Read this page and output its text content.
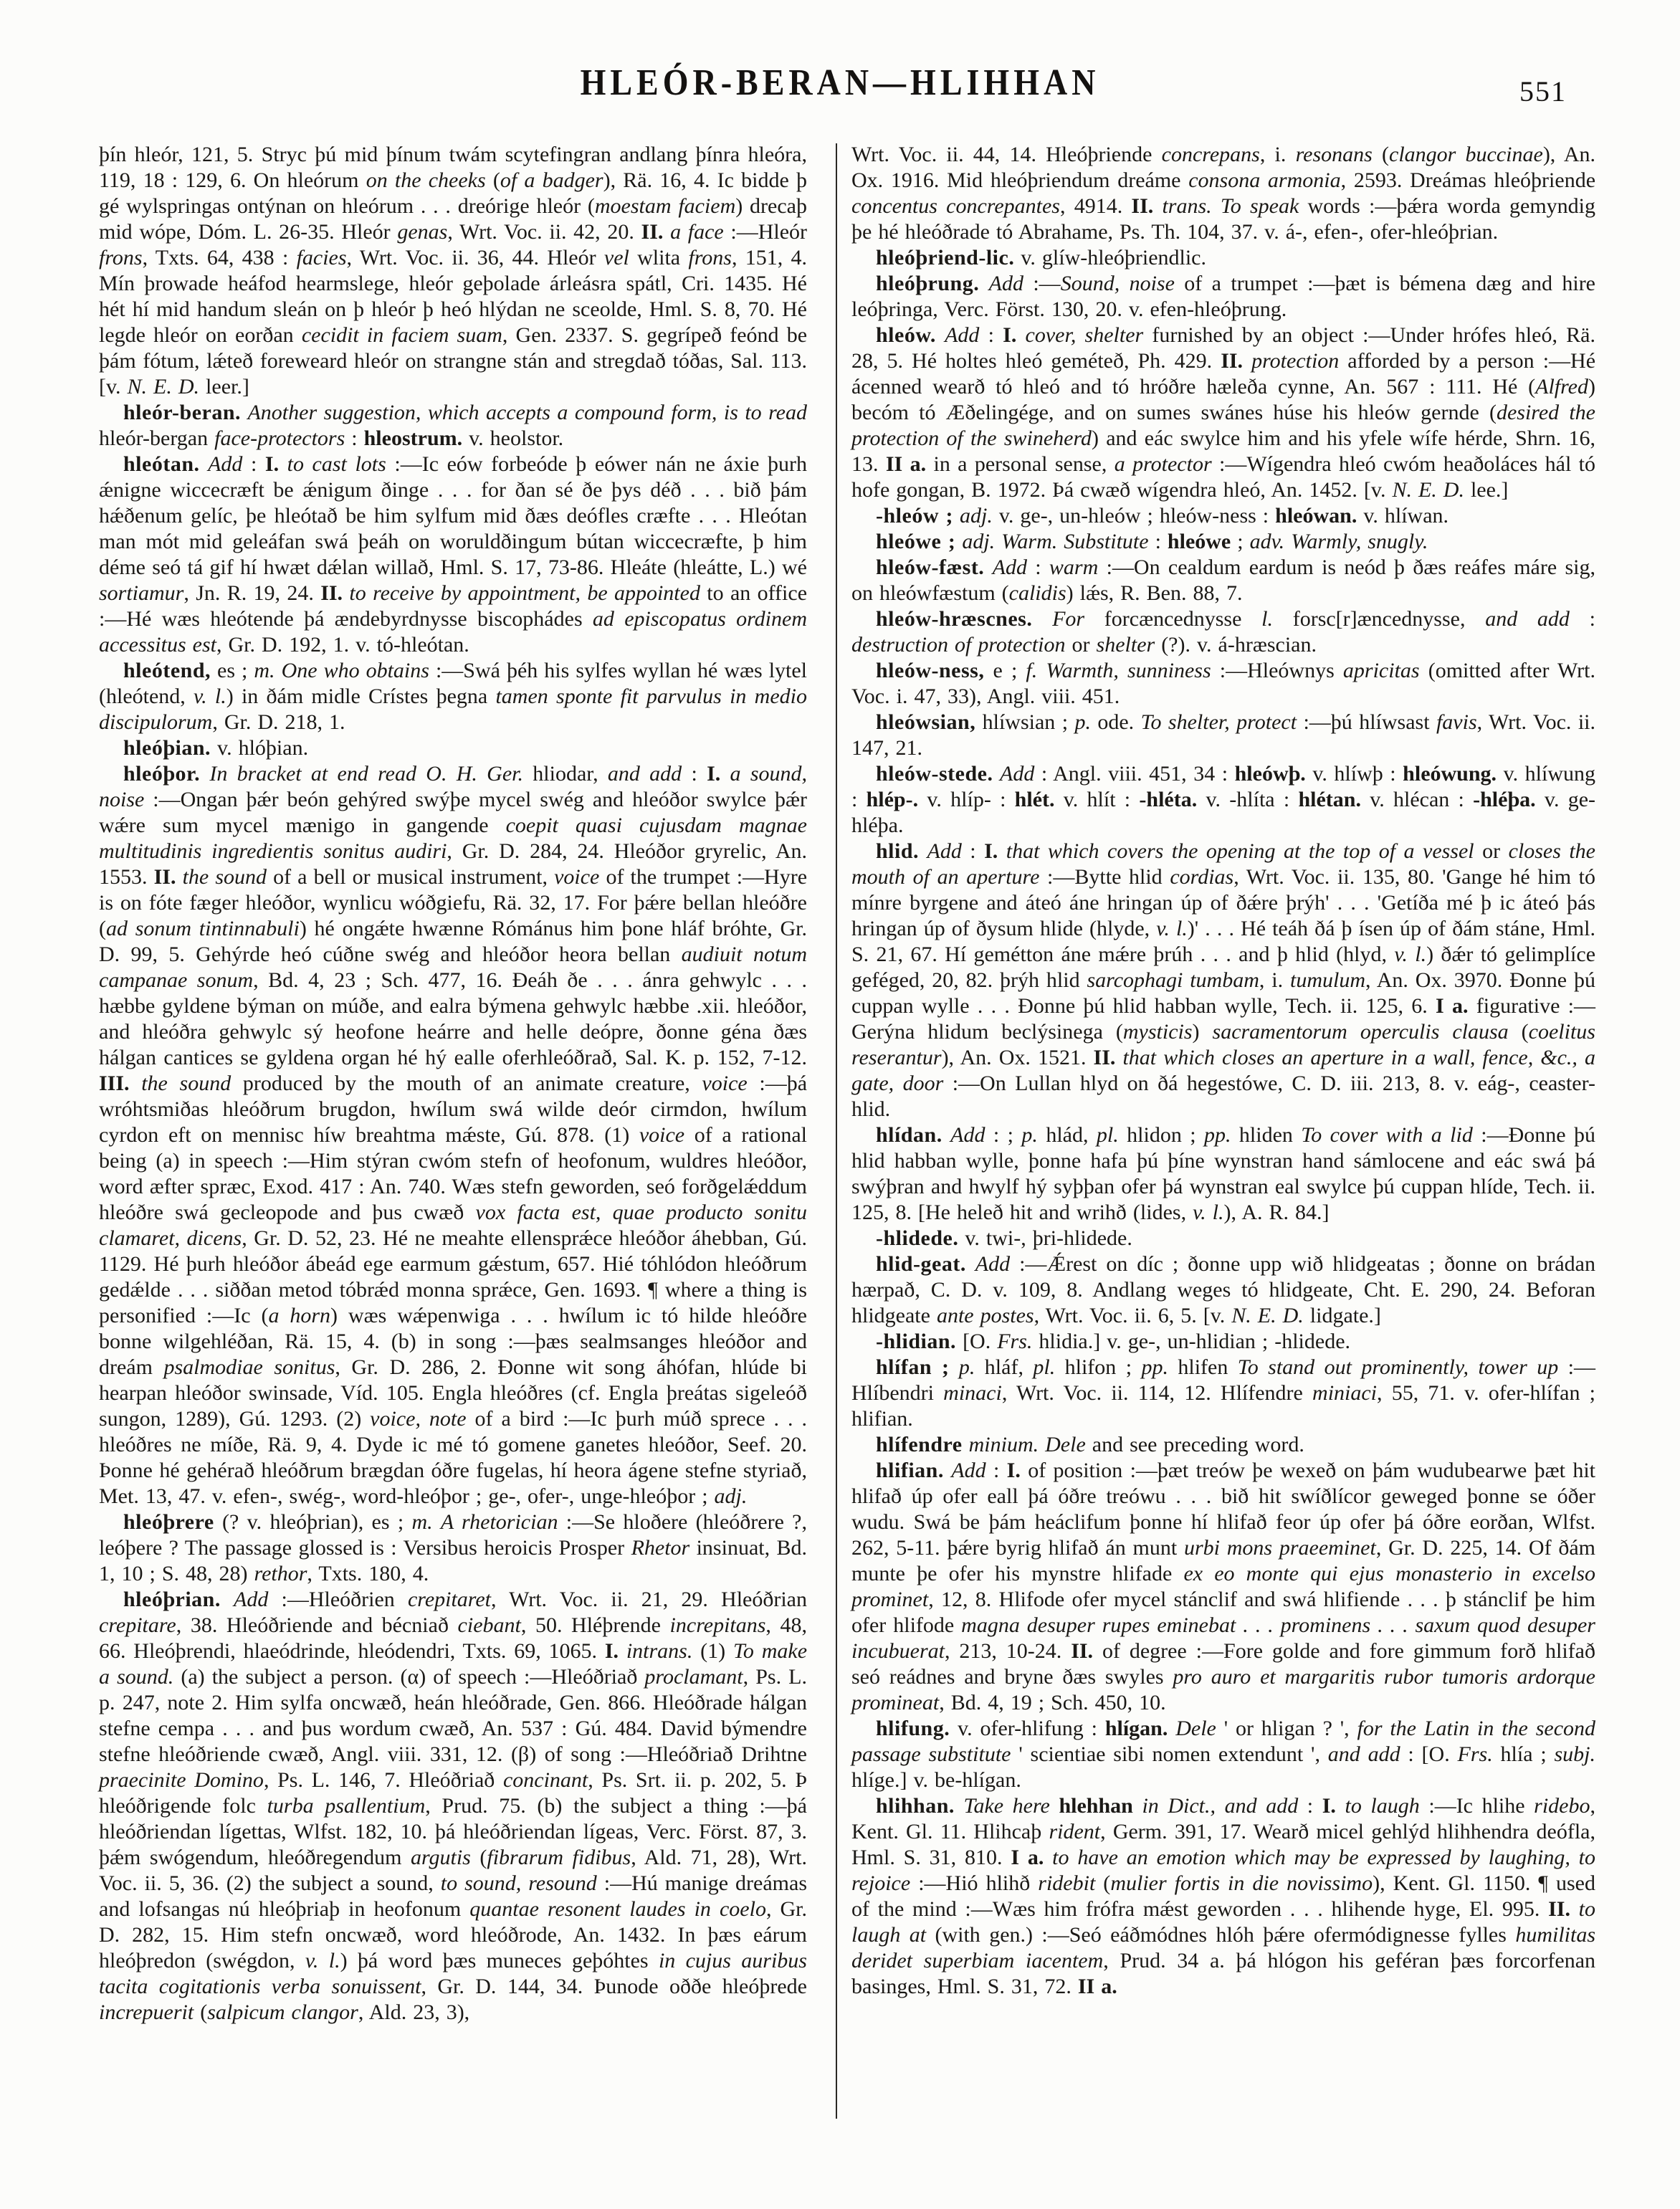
HLEÓR-BERAN—HLIHHAN	551

þín hleór, 121, 5. Stryc þú mid þínum twám scytefingran andlang þínra hleóra, 119, 18 : 129, 6. On hleórum on the cheeks (of a badger), Rä. 16, 4. Ic bidde þ gé wylspringas ontýnan on hleórum . . . dreórige hleór (moestam faciem) drecaþ mid wópe, Dóm. L. 26-35. Hleór genas, Wrt. Voc. ii. 42, 20. II. a face :—Hleór frons, Txts. 64, 438 : facies, Wrt. Voc. ii. 36, 44. Hleór vel wlita frons, 151, 4. Mín þrowade heáfod hearmslege, hleór geþolade árleásra spátl, Cri. 1435. Hé hét hí mid handum sleán on þ hleór þ heó hlýdan ne sceolde, Hml. S. 8, 70. Hé legde hleór on eorðan cecidit in faciem suam, Gen. 2337. S. gegrípeð feónd be þám fótum, lǽteð foreweard hleór on strangne stán and stregdað tóðas, Sal. 113. [v. N. E. D. leer.]

hleór-beran. Another suggestion, which accepts a compound form, is to read hleór-bergan face-protectors : hleostrum. v. heolstor.

hleótan. Add : I. to cast lots :—Ic eów forbeóde þ eówer nán ne áxie þurh ǽnigne wiccecræft be ǽnigum ðinge . . . for ðan sé ðe þys déð . . . bið þám hǽðenum gelíc, þe hleótað be him sylfum mid ðæs deófles cræfte . . . Hleótan man mót mid geleáfan swá þeáh on woruldðingum bútan wiccecræfte, þ him déme seó tá gif hí hwæt dǽlan willað, Hml. S. 17, 73-86. Hleáte (hleátte, L.) wé sortiamur, Jn. R. 19, 24. II. to receive by appointment, be appointed to an office :—Hé wæs hleótende þá ændebyrdnysse biscophádes ad episcopatus ordinem accessitus est, Gr. D. 192, 1. v. tó-hleótan.

hleótend, es ; m. One who obtains :—Swá þéh his sylfes wyllan hé wæs lytel (hleótend, v. l.) in ðám midle Crístes þegna tamen sponte fit parvulus in medio discipulorum, Gr. D. 218, 1.

hleóþian. v. hlóþian.

hleóþor. In bracket at end read O. H. Ger. hliodar, and add : I. a sound, noise :—Ongan þǽr beón gehýred swýþe mycel swég and hleóðor swylce þǽr wǽre sum mycel mænigo in gangende coepit quasi cujusdam magnae multitudinis ingredientis sonitus audiri, Gr. D. 284, 24. Hleóðor gryrelic, An. 1553. II. the sound of a bell or musical instrument, voice of the trumpet :—Hyre is on fóte fæger hleóðor, wynlicu wóðgiefu, Rä. 32, 17. For þǽre bellan hleóðre (ad sonum tintinnabuli) hé ongǽte hwænne Rómánus him þone hláf bróhte, Gr. D. 99, 5. Gehýrde heó cúðne swég and hleóðor heora bellan audiuit notum campanae sonum, Bd. 4, 23 ; Sch. 477, 16. Ðeáh ðe . . . ánra gehwylc . . . hæbbe gyldene býman on múðe, and ealra býmena gehwylc hæbbe .xii. hleóðor, and hleóðra gehwylc sý heofone heárre and helle deópre, ðonne géna ðæs hálgan cantices se gyldena organ hé hý ealle oferhleóðrað, Sal. K. p. 152, 7-12. III. the sound produced by the mouth of an animate creature, voice :—þá wróhtsmiðas hleóðrum brugdon, hwílum swá wilde deór cirmdon, hwílum cyrdon eft on mennisc híw breahtma mǽste, Gú. 878. (1) voice of a rational being (a) in speech :—Him stýran cwóm stefn of heofonum, wuldres hleóðor, word æfter spræc, Exod. 417 : An. 740. Wæs stefn geworden, seó forðgelǽddum hleóðre swá gecleopode and þus cwæð vox facta est, quae producto sonitu clamaret, dicens, Gr. D. 52, 23. Hé ne meahte ellensprǽce hleóðor áhebban, Gú. 1129. Hé þurh hleóðor ábeád ege earmum gǽstum, 657. Hié tóhlódon hleóðrum gedǽlde . . . siððan metod tóbrǽd monna sprǽce, Gen. 1693. ¶ where a thing is personified :—Ic (a horn) wæs wǽpenwiga . . . hwílum ic tó hilde hleóðre bonne wilgehléðan, Rä. 15, 4. (b) in song :—þæs sealmsanges hleóðor and dreám psalmodiae sonitus, Gr. D. 286, 2. Ðonne wit song áhófan, hlúde bi hearpan hleóðor swinsade, Víd. 105. Engla hleóðres (cf. Engla þreátas sigeleóð sungon, 1289), Gú. 1293. (2) voice, note of a bird :—Ic þurh múð sprece . . . hleóðres ne míðe, Rä. 9, 4. Dyde ic mé tó gomene ganetes hleóðor, Seef. 20. Þonne hé gehérað hleóðrum brægdan óðre fugelas, hí heora ágene stefne styriað, Met. 13, 47. v. efen-, swég-, word-hleóþor ; ge-, ofer-, unge-hleóþor ; adj.

hleóþrere (? v. hleóþrian), es ; m. A rhetorician :—Se hloðere (hleóðrere ?, leóþere ? The passage glossed is : Versibus heroicis Prosper Rhetor insinuat, Bd. 1, 10 ; S. 48, 28) rethor, Txts. 180, 4.

hleóþrian. Add :—Hleóðrien crepitaret, Wrt. Voc. ii. 21, 29. Hleóðrian crepitare, 38. Hleóðriende and bécniað ciebant, 50. Hléþrende increpitans, 48, 66. Hleóþrendi, hlaeódrinde, hleódendri, Txts. 69, 1065. I. intrans. (1) To make a sound. (a) the subject a person. (α) of speech :—Hleóðriað proclamant, Ps. L. p. 247, note 2. Him sylfa oncwæð, heán hleóðrade, Gen. 866. Hleóðrade hálgan stefne cempa . . . and þus wordum cwæð, An. 537 : Gú. 484. David býmendre stefne hleóðriende cwæð, Angl. viii. 331, 12. (β) of song :—Hleóðriað Drihtne praecinite Domino, Ps. L. 146, 7. Hleóðriað concinant, Ps. Srt. ii. p. 202, 5. Þ hleóðrigende folc turba psallentium, Prud. 75. (b) the subject a thing :—þá hleóðriendan lígettas, Wlfst. 182, 10. þá hleóðriendan lígeas, Verc. Först. 87, 3. þǽm swógendum, hleóðregendum argutis (fibrarum fidibus, Ald. 71, 28), Wrt. Voc. ii. 5, 36. (2) the subject a sound, to sound, resound :—Hú manige dreámas and lofsangas nú hleóþriaþ in heofonum quantae resonent laudes in coelo, Gr. D. 282, 15. Him stefn oncwæð, word hleóðrode, An. 1432. In þæs eárum hleóþredon (swégdon, v. l.) þá word þæs muneces geþóhtes in cujus auribus tacita cogitationis verba sonuissent, Gr. D. 144, 34. Þunode oððe hleóþrede increpuerit (salpicum clangor, Ald. 23, 3),

Wrt. Voc. ii. 44, 14. Hleóþriende concrepans, i. resonans (clangor buccinae), An. Ox. 1916. Mid hleóþriendum dreáme consona armonia, 2593. Dreámas hleóþriende concentus concrepantes, 4914. II. trans. To speak words :—þǽra worda gemyndig þe hé hleóðrade tó Abrahame, Ps. Th. 104, 37. v. á-, efen-, ofer-hleóþrian.

hleóþriend-lic. v. glíw-hleóþriendlic.

hleóþrung. Add :—Sound, noise of a trumpet :—þæt is bémena dæg and hire leóþringa, Verc. Först. 130, 20. v. efen-hleóþrung.

hleów. Add : I. cover, shelter furnished by an object :—Under hrófes hleó, Rä. 28, 5. Hé holtes hleó geméteð, Ph. 429. II. protection afforded by a person :—Hé ácenned wearð tó hleó and tó hróðre hæleða cynne, An. 567 : 111. Hé (Alfred) becóm tó Æðelingége, and on sumes swánes húse his hleów gernde (desired the protection of the swineherd) and eác swylce him and his yfele wífe hérde, Shrn. 16, 13. II a. in a personal sense, a protector :—Wígendra hleó cwóm heaðoláces hál tó hofe gongan, B. 1972. Þá cwæð wígendra hleó, An. 1452. [v. N. E. D. lee.]

-hleów ; adj. v. ge-, un-hleów ; hleów-ness : hleówan. v. hlíwan.

hleówe ; adj. Warm. Substitute : hleówe ; adv. Warmly, snugly.

hleów-fæst. Add : warm :—On cealdum eardum is neód þ ðæs reáfes máre sig, on hleówfæstum (calidis) lǽs, R. Ben. 88, 7.

hleów-hræscnes. For forcæncednysse l. forsc[r]æncednysse, and add : destruction of protection or shelter (?). v. á-hræscian.

hleów-ness, e ; f. Warmth, sunniness :—Hleównys apricitas (omitted after Wrt. Voc. i. 47, 33), Angl. viii. 451.

hleówsian, hlíwsian ; p. ode. To shelter, protect :—þú hlíwsast favis, Wrt. Voc. ii. 147, 21.

hleów-stede. Add : Angl. viii. 451, 34 : hleówþ. v. hlíwþ : hleówung. v. hlíwung : hlép-. v. hlíp- : hlét. v. hlít : -hléta. v. -hlíta : hlétan. v. hlécan : -hléþa. v. ge-hléþa.

hlid. Add : I. that which covers the opening at the top of a vessel or closes the mouth of an aperture :—Bytte hlid cordias, Wrt. Voc. ii. 135, 80. 'Gange hé him tó mínre byrgene and áteó áne hringan úp of ðǽre þrýh' . . . 'Getíða mé þ ic áteó þás hringan úp of ðysum hlide (hlyde, v. l.)' . . . Hé teáh ðá þ ísen úp of ðám stáne, Hml. S. 21, 67. Hí gemétton áne mǽre þrúh . . . and þ hlid (hlyd, v. l.) ðǽr tó gelimplíce geféged, 20, 82. þrýh hlid sarcophagi tumbam, i. tumulum, An. Ox. 3970. Ðonne þú cuppan wylle . . . Ðonne þú hlid habban wylle, Tech. ii. 125, 6. I a. figurative :—Gerýna hlidum beclýsinega (mysticis) sacramentorum operculis clausa (coelitus reserantur), An. Ox. 1521. II. that which closes an aperture in a wall, fence, &c., a gate, door :—On Lullan hlyd on ðá hegestówe, C. D. iii. 213, 8. v. eág-, ceaster-hlid.

hlídan. Add : ; p. hlád, pl. hlidon ; pp. hliden To cover with a lid :—Ðonne þú hlid habban wylle, þonne hafa þú þíne wynstran hand sámlocene and eác swá þá swýþran and hwylf hý syþþan ofer þá wynstran eal swylce þú cuppan hlíde, Tech. ii. 125, 8. [He heleð hit and wrihð (lides, v. l.), A. R. 84.]

-hlidede. v. twi-, þri-hlidede.

hlid-geat. Add :—Ǽrest on díc ; ðonne upp wið hlidgeatas ; ðonne on brádan hærpað, C. D. v. 109, 8. Andlang weges tó hlidgeate, Cht. E. 290, 24. Beforan hlidgeate ante postes, Wrt. Voc. ii. 6, 5. [v. N. E. D. lidgate.]

-hlidian. [O. Frs. hlidia.] v. ge-, un-hlidian ; -hlidede.

hlífan ; p. hláf, pl. hlifon ; pp. hlifen To stand out prominently, tower up :—Hlíbendri minaci, Wrt. Voc. ii. 114, 12. Hlífendre miniaci, 55, 71. v. ofer-hlífan ; hlifian.

hlífendre minium. Dele and see preceding word.

hlifian. Add : I. of position :—þæt treów þe wexeð on þám wudubearwe þæt hit hlifað úp ofer eall þá óðre treówu . . . bið hit swíðlícor geweged þonne se óðer wudu. Swá be þám heáclifum þonne hí hlifað feor úp ofer þá óðre eorðan, Wlfst. 262, 5-11. þǽre byrig hlifað án munt urbi mons praeeminet, Gr. D. 225, 14. Of ðám munte þe ofer his mynstre hlifade ex eo monte qui ejus monasterio in excelso prominet, 12, 8. Hlifode ofer mycel stánclif and swá hlifiende . . . þ stánclif þe him ofer hlifode magna desuper rupes eminebat . . . prominens . . . saxum quod desuper incubuerat, 213, 10-24. II. of degree :—Fore golde and fore gimmum forð hlifað seó reádnes and bryne ðæs swyles pro auro et margaritis rubor tumoris ardorque promineat, Bd. 4, 19 ; Sch. 450, 10.

hlifung. v. ofer-hlifung : hlígan. Dele ' or hligan ? ', for the Latin in the second passage substitute ' scientiae sibi nomen extendunt ', and add : [O. Frs. hlía ; subj. hlíge.] v. be-hlígan.

hlihhan. Take here hlehhan in Dict., and add : I. to laugh :—Ic hlihe ridebo, Kent. Gl. 11. Hlihcaþ rident, Germ. 391, 17. Wearð micel gehlýd hlihhendra deófla, Hml. S. 31, 810. I a. to have an emotion which may be expressed by laughing, to rejoice :—Hió hlihð ridebit (mulier fortis in die novissimo), Kent. Gl. 1150. ¶ used of the mind :—Wæs him frófra mǽst geworden . . . hlihende hyge, El. 995. II. to laugh at (with gen.) :—Seó eáðmódnes hlóh þǽre ofermódignesse fylles humilitas deridet superbiam iacentem, Prud. 34 a. þá hlógon his geféran þæs forcorfenan basinges, Hml. S. 31, 72. II a.
